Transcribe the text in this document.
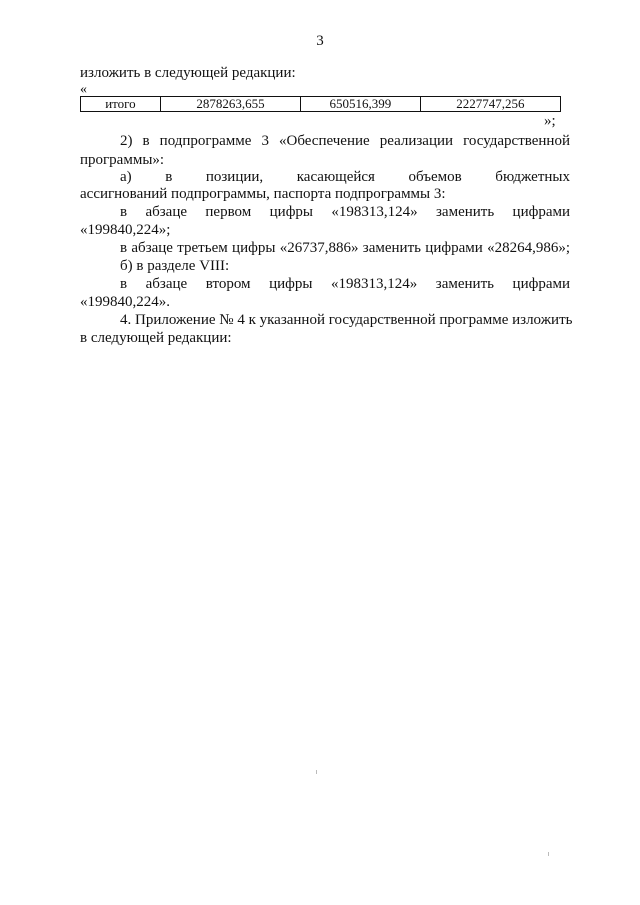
3
изложить в следующей редакции:
«
итого	2878263,655	650516,399	2227747,256
»;
2) в подпрограмме 3 «Обеспечение реализации государственной
программы»:
а) в позиции, касающейся объемов бюджетных
ассигнований подпрограммы, паспорта подпрограммы 3:
в абзаце первом цифры «198313,124» заменить цифрами
«199840,224»;
в абзаце третьем цифры «26737,886» заменить цифрами «28264,986»;
б) в разделе VIII:
в абзаце втором цифры «198313,124» заменить цифрами
«199840,224».
4. Приложение № 4 к указанной государственной программе изложить
в следующей редакции:
